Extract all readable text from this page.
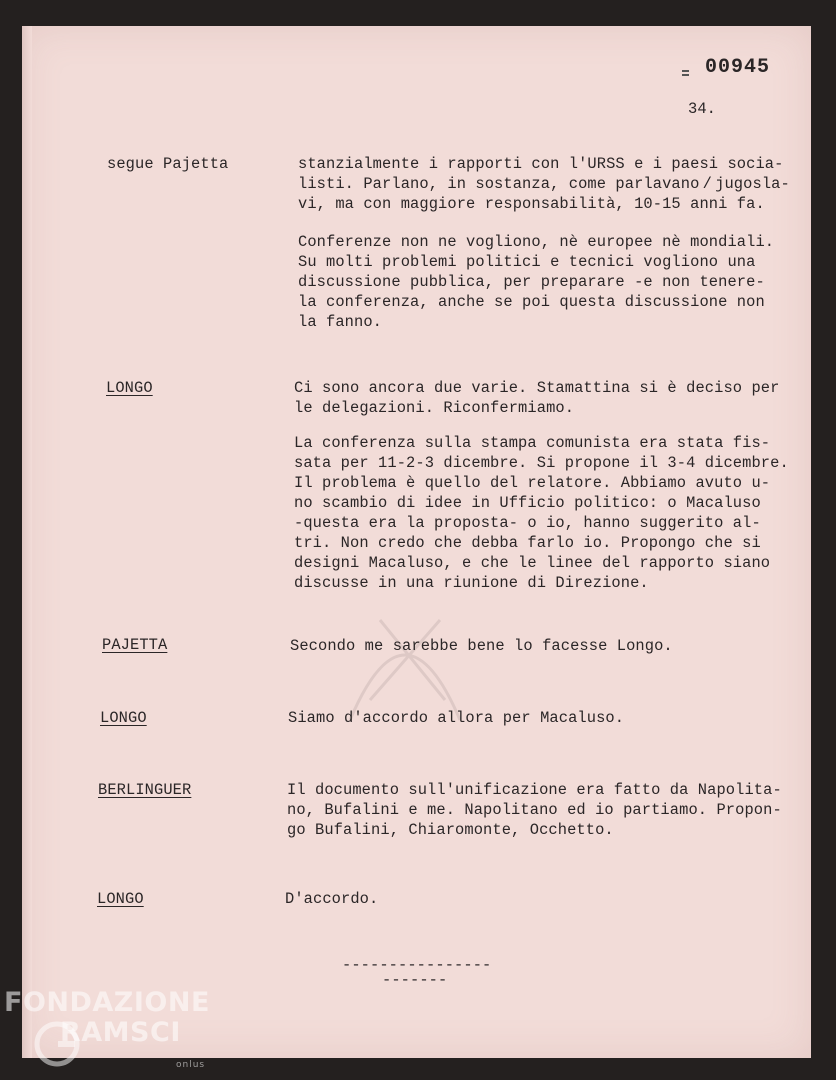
00945
34.
segue Pajetta	stanzialmente i rapporti con l'URSS e i paesi socia-
listi. Parlano, in sostanza, come parlavano / jugosla-
vi, ma con maggiore responsabilità, 10-15 anni fa.
Conferenze non ne vogliono, nè europee nè mondiali.
Su molti problemi politici e tecnici vogliono una
discussione pubblica, per preparare -e non tenere-
la conferenza, anche se poi questa discussione non
la fanno.
LONGO	Ci sono ancora due varie. Stamattina si è deciso per
le delegazioni. Riconfermiamo.
La conferenza sulla stampa comunista era stata fis-
sata per 11-2-3 dicembre. Si propone il 3-4 dicembre.
Il problema è quello del relatore. Abbiamo avuto u-
no scambio di idee in Ufficio politico: o Macaluso
-questa era la proposta- o io, hanno suggerito al-
tri. Non credo che debba farlo io. Propongo che si
designi Macaluso, e che le linee del rapporto siano
discusse in una riunione di Direzione.
PAJETTA	Secondo me sarebbe bene lo facesse Longo.
LONGO	Siamo d'accordo allora per Macaluso.
BERLINGUER	Il documento sull'unificazione era fatto da Napolita-
no, Bufalini e me. Napolitano ed io partiamo. Propon-
go Bufalini, Chiaromonte, Occhetto.
LONGO	D'accordo.
----------------
-------
FONDAZIONE
RAMSCI
onlus
